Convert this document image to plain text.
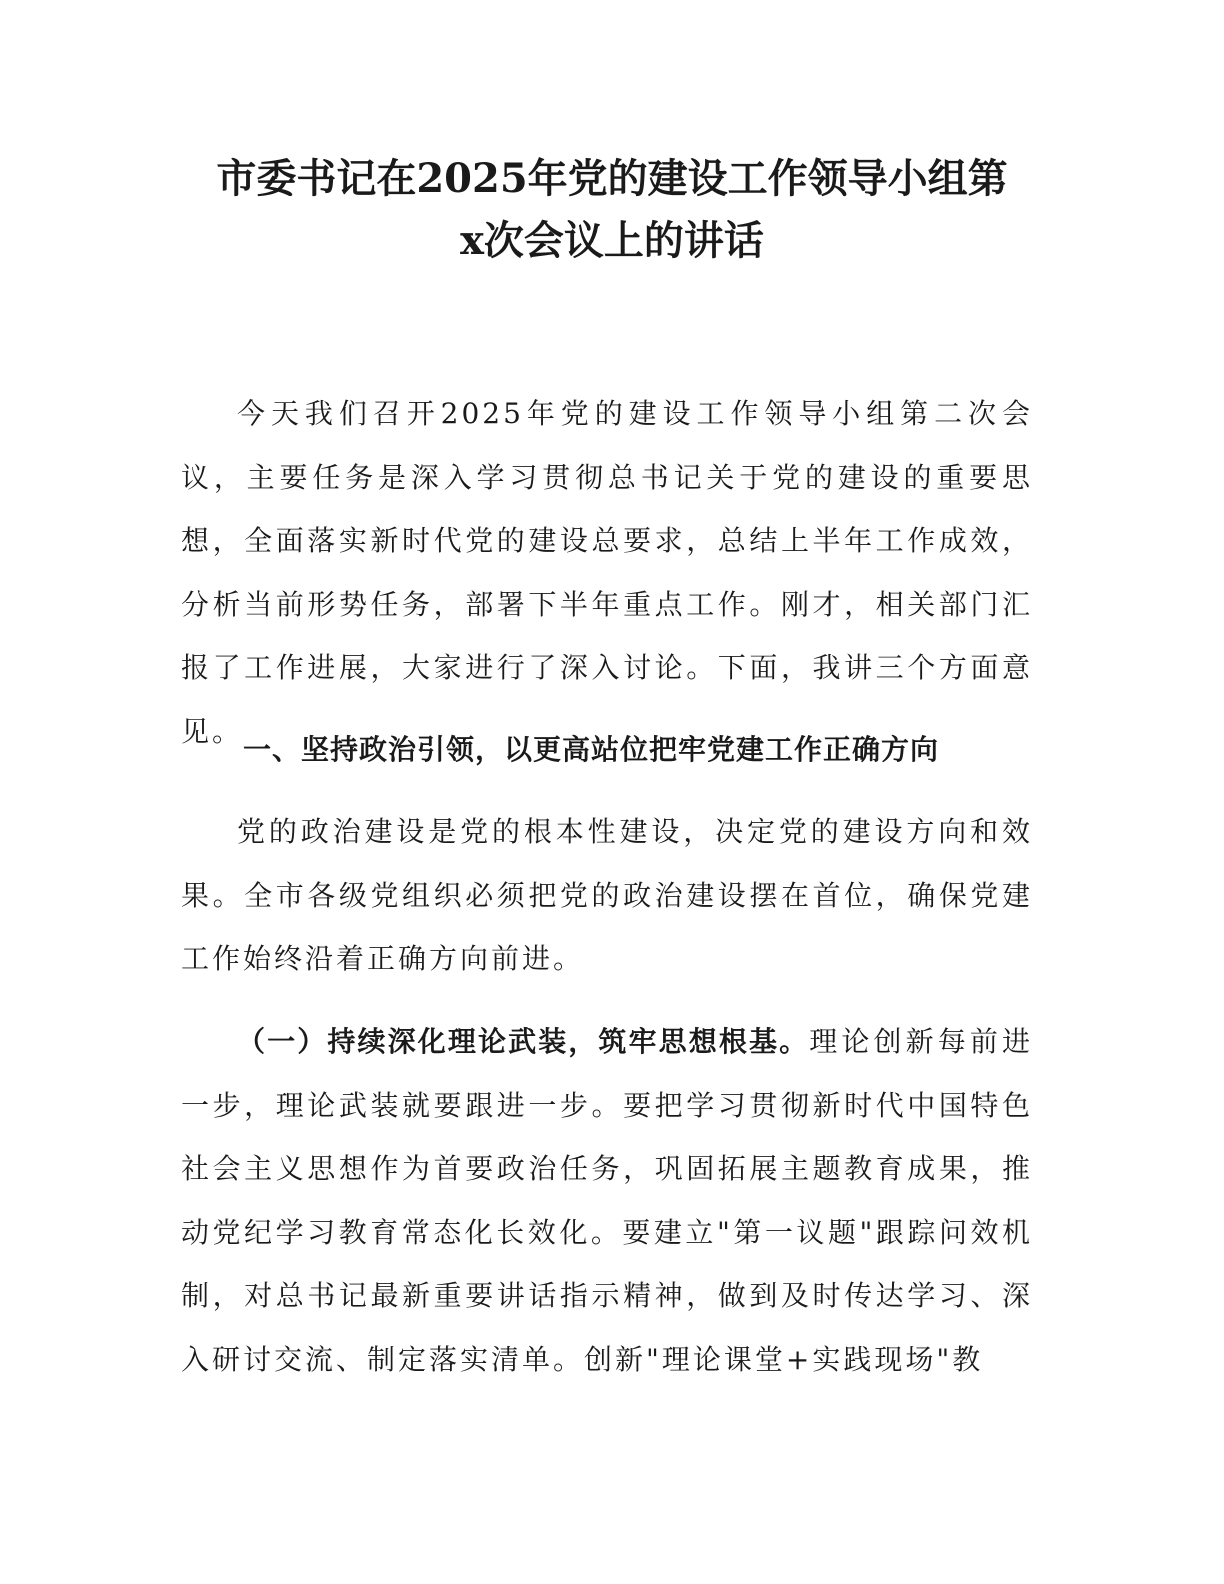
市委书记在2025年党的建设工作领导小组第
x次会议上的讲话

今天我们召开2025年党的建设工作领导小组第二次会议，主要任务是深入学习贯彻总书记关于党的建设的重要思想，全面落实新时代党的建设总要求，总结上半年工作成效，分析当前形势任务，部署下半年重点工作。刚才，相关部门汇报了工作进展，大家进行了深入讨论。下面，我讲三个方面意见。

一、坚持政治引领，以更高站位把牢党建工作正确方向

党的政治建设是党的根本性建设，决定党的建设方向和效果。全市各级党组织必须把党的政治建设摆在首位，确保党建工作始终沿着正确方向前进。

（一）持续深化理论武装，筑牢思想根基。理论创新每前进一步，理论武装就要跟进一步。要把学习贯彻新时代中国特色社会主义思想作为首要政治任务，巩固拓展主题教育成果，推动党纪学习教育常态化长效化。要建立"第一议题"跟踪问效机制，对总书记最新重要讲话指示精神，做到及时传达学习、深入研讨交流、制定落实清单。创新"理论课堂+实践现场"教
